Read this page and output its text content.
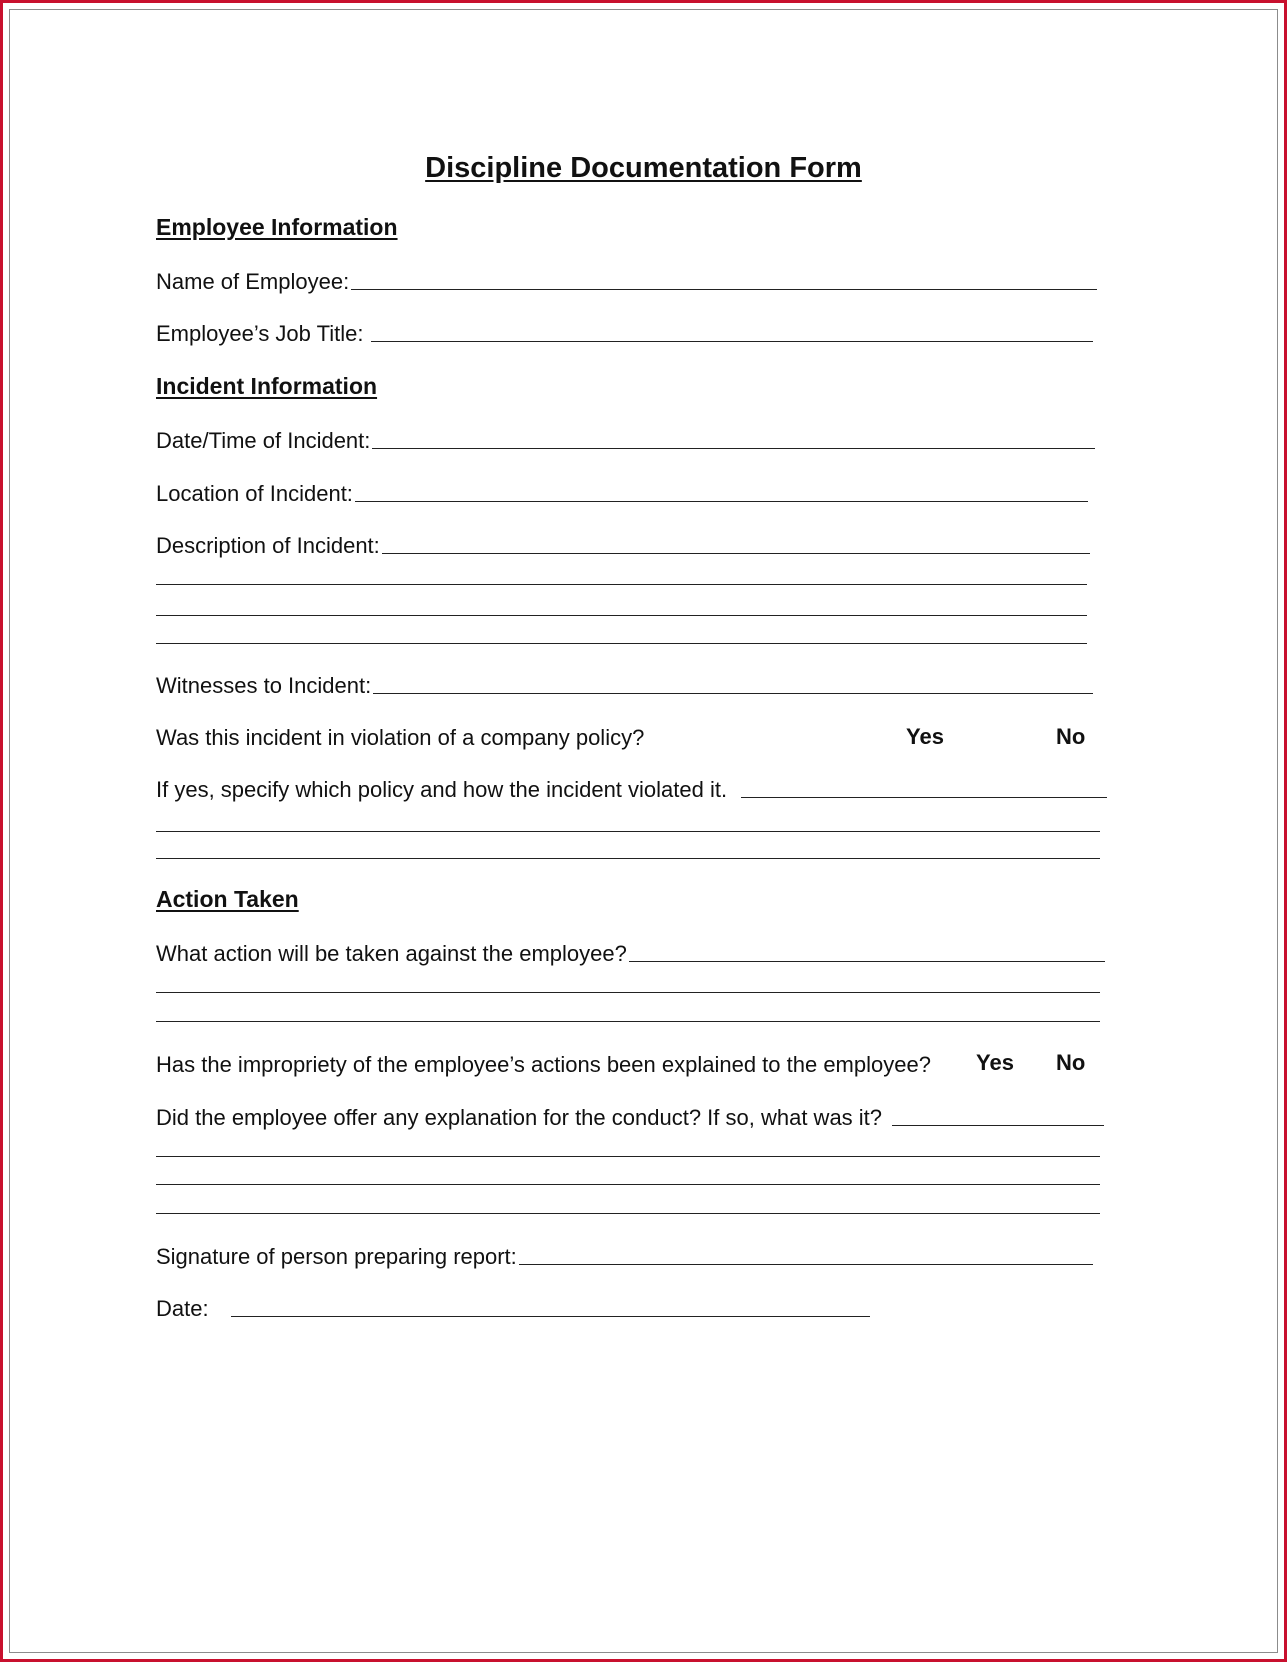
Discipline Documentation Form
Employee Information
Name of Employee:
Employee’s Job Title:
Incident Information
Date/Time of Incident:
Location of Incident:
Description of Incident:
Witnesses to Incident:
Was this incident in violation of a company policy?	Yes	No
If yes, specify which policy and how the incident violated it.
Action Taken
What action will be taken against the employee?
Has the impropriety of the employee’s actions been explained to the employee? Yes No
Did the employee offer any explanation for the conduct? If so, what was it?
Signature of person preparing report:
Date:
